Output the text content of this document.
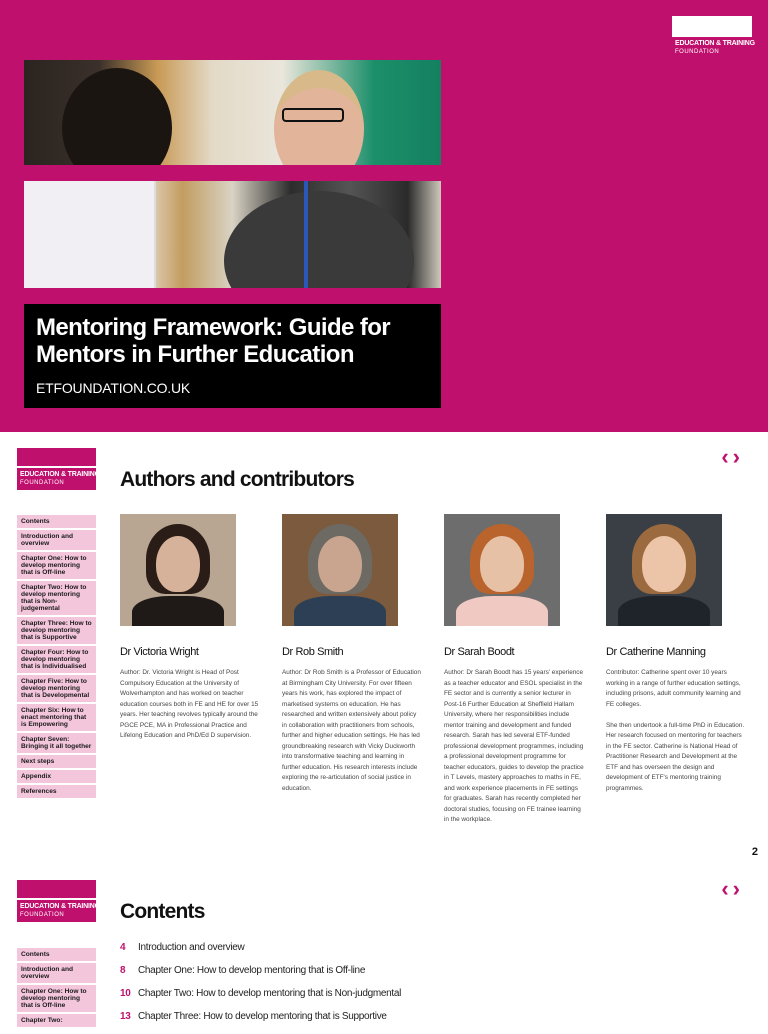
EDUCATION & TRAINING
FOUNDATION
Mentoring Framework: Guide for Mentors in Further Education
ETFOUNDATION.CO.UK
EDUCATION & TRAINING
FOUNDATION
‹›
Authors and contributors
Contents
Introduction and overview
Chapter One: How to develop mentoring that is Off-line
Chapter Two: How to develop mentoring that is Non-judgemental
Chapter Three: How to develop mentoring that is Supportive
Chapter Four: How to develop mentoring that is Individualised
Chapter Five: How to develop mentoring that is Developmental
Chapter Six: How to enact mentoring that is Empowering
Chapter Seven: Bringing it all together
Next steps
Appendix
References
Dr Victoria Wright
Author: Dr. Victoria Wright is Head of Post Compulsory Education at the University of Wolverhampton and has worked on teacher education courses both in FE and HE for over 15 years. Her teaching revolves typically around the PGCE PCE, MA in Professional Practice and Lifelong Education and PhD/Ed D supervision.
Dr Rob Smith
Author: Dr Rob Smith is a Professor of Education at Birmingham City University. For over fifteen years his work, has explored the impact of marketised systems on education. He has researched and written extensively about policy in collaboration with practitioners from schools, further and higher education settings. He has led groundbreaking research with Vicky Duckworth into transformative teaching and learning in further education. His research interests include exploring the re-articulation of social justice in education.
Dr Sarah Boodt
Author: Dr Sarah Boodt has 15 years' experience as a teacher educator and ESOL specialist in the FE sector and is currently a senior lecturer in Post-16 Further Education at Sheffield Hallam University, where her responsibilities include mentor training and development and funded research. Sarah has led several ETF-funded professional development programmes, including a professional development programme for teacher educators, guides to develop the practice in T Levels, mastery approaches to maths in FE, and work experience placements in FE settings for graduates. Sarah has recently completed her doctoral studies, focusing on FE trainee learning in the workplace.
Dr Catherine Manning
Contributor: Catherine spent over 10 years working in a range of further education settings, including prisons, adult community learning and FE colleges.

She then undertook a full-time PhD in Education. Her research focused on mentoring for teachers in the FE sector. Catherine is National Head of Practitioner Research and Development at the ETF and has overseen the design and development of ETF's mentoring training programmes.
2
EDUCATION & TRAINING
FOUNDATION
‹›
Contents
Contents
Introduction and overview
Chapter One: How to develop mentoring that is Off-line
Chapter Two:
4 Introduction and overview
8 Chapter One: How to develop mentoring that is Off-line
10 Chapter Two: How to develop mentoring that is Non-judgmental
13 Chapter Three: How to develop mentoring that is Supportive
